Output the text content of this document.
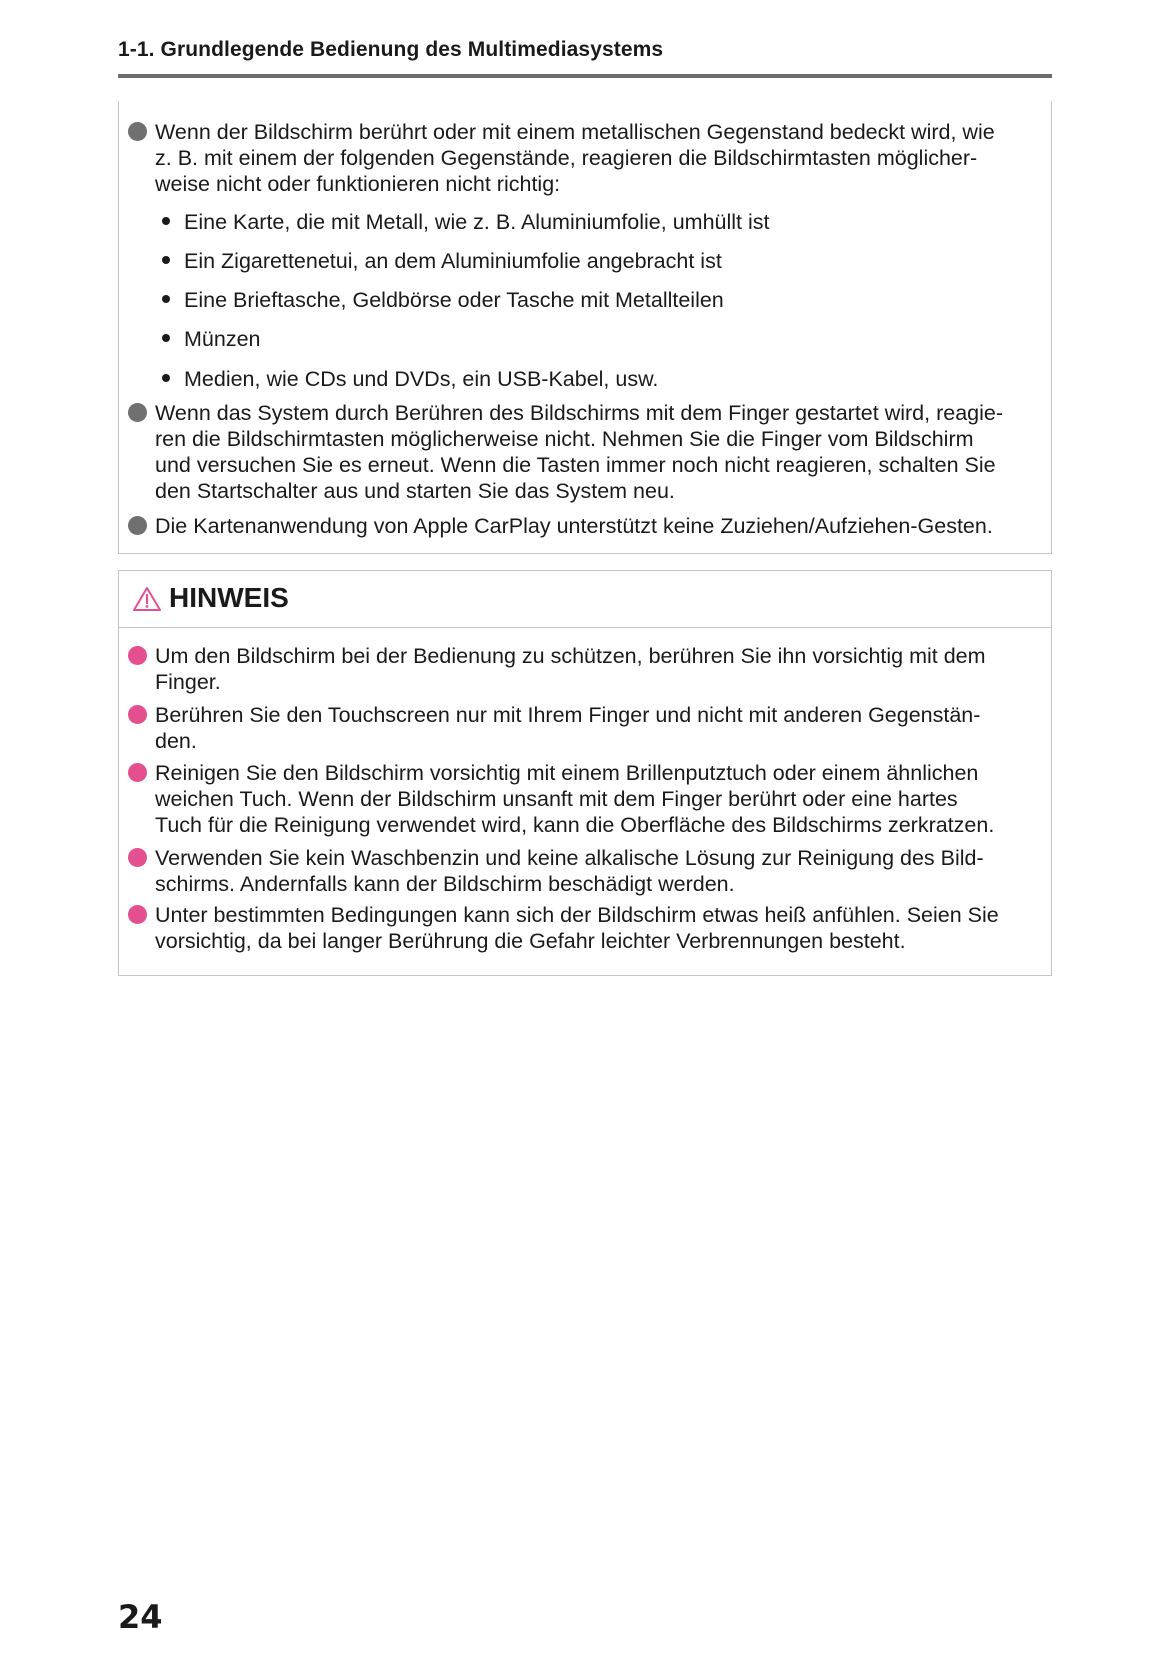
1-1. Grundlegende Bedienung des Multimediasystems
Wenn der Bildschirm berührt oder mit einem metallischen Gegenstand bedeckt wird, wie
z. B. mit einem der folgenden Gegenstände, reagieren die Bildschirmtasten möglicher-
weise nicht oder funktionieren nicht richtig:
Eine Karte, die mit Metall, wie z. B. Aluminiumfolie, umhüllt ist
Ein Zigarettenetui, an dem Aluminiumfolie angebracht ist
Eine Brieftasche, Geldbörse oder Tasche mit Metallteilen
Münzen
Medien, wie CDs und DVDs, ein USB-Kabel, usw.
Wenn das System durch Berühren des Bildschirms mit dem Finger gestartet wird, reagie-
ren die Bildschirmtasten möglicherweise nicht. Nehmen Sie die Finger vom Bildschirm
und versuchen Sie es erneut. Wenn die Tasten immer noch nicht reagieren, schalten Sie
den Startschalter aus und starten Sie das System neu.
Die Kartenanwendung von Apple CarPlay unterstützt keine Zuziehen/Aufziehen-Gesten.
HINWEIS
Um den Bildschirm bei der Bedienung zu schützen, berühren Sie ihn vorsichtig mit dem
Finger.
Berühren Sie den Touchscreen nur mit Ihrem Finger und nicht mit anderen Gegenstän-
den.
Reinigen Sie den Bildschirm vorsichtig mit einem Brillenputztuch oder einem ähnlichen
weichen Tuch. Wenn der Bildschirm unsanft mit dem Finger berührt oder eine hartes
Tuch für die Reinigung verwendet wird, kann die Oberfläche des Bildschirms zerkratzen.
Verwenden Sie kein Waschbenzin und keine alkalische Lösung zur Reinigung des Bild-
schirms. Andernfalls kann der Bildschirm beschädigt werden.
Unter bestimmten Bedingungen kann sich der Bildschirm etwas heiß anfühlen. Seien Sie
vorsichtig, da bei langer Berührung die Gefahr leichter Verbrennungen besteht.
24
